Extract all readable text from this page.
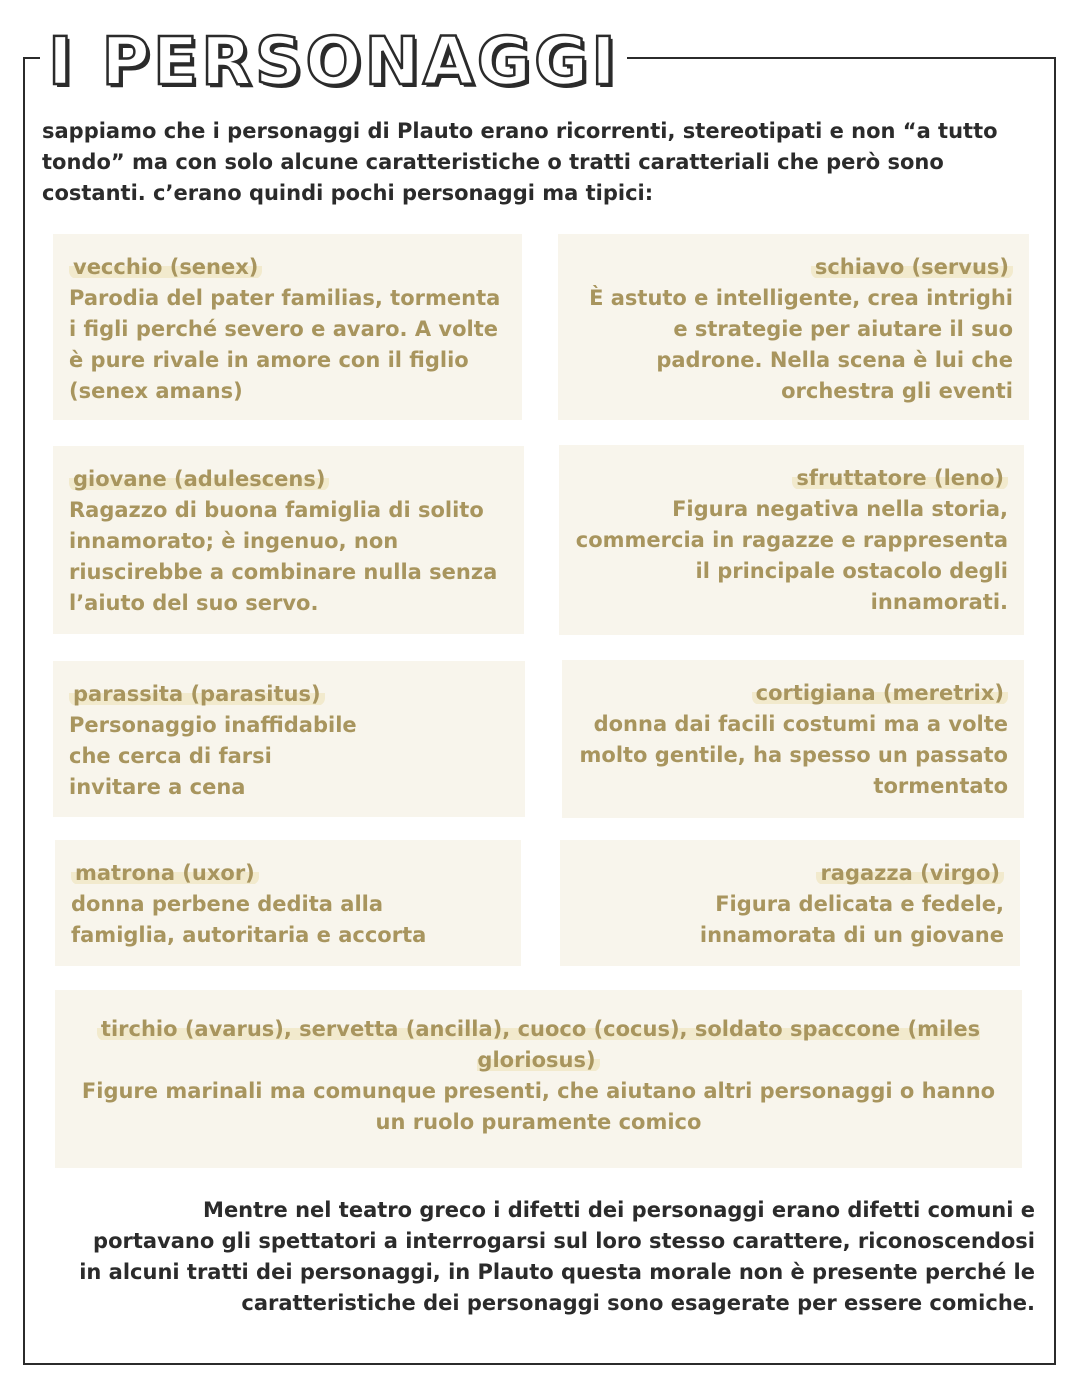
I PERSONAGGI
sappiamo che i personaggi di Plauto erano ricorrenti, stereotipati e non “a tutto tondo” ma con solo alcune caratteristiche o tratti caratteriali che però sono costanti. c’erano quindi pochi personaggi ma tipici:
vecchio (senex)
Parodia del pater familias, tormenta i figli perché severo e avaro. A volte è pure rivale in amore con il figlio (senex amans)
schiavo (servus)
È astuto e intelligente, crea intrighi e strategie per aiutare il suo padrone. Nella scena è lui che orchestra gli eventi
giovane (adulescens)
Ragazzo di buona famiglia di solito innamorato; è ingenuo, non riuscirebbe a combinare nulla senza l’aiuto del suo servo.
sfruttatore (leno)
Figura negativa nella storia, commercia in ragazze e rappresenta il principale ostacolo degli innamorati.
parassita (parasitus)
Personaggio inaffidabile che cerca di farsi invitare a cena
cortigiana (meretrix)
donna dai facili costumi ma a volte molto gentile, ha spesso un passato tormentato
matrona (uxor)
donna perbene dedita alla famiglia, autoritaria e accorta
ragazza (virgo)
Figura delicata e fedele, innamorata di un giovane
tirchio (avarus), servetta (ancilla), cuoco (cocus), soldato spaccone (miles gloriosus)
Figure marinali ma comunque presenti, che aiutano altri personaggi o hanno un ruolo puramente comico
Mentre nel teatro greco i difetti dei personaggi erano difetti comuni e portavano gli spettatori a interrogarsi sul loro stesso carattere, riconoscendosi in alcuni tratti dei personaggi, in Plauto questa morale non è presente perché le caratteristiche dei personaggi sono esagerate per essere comiche.
